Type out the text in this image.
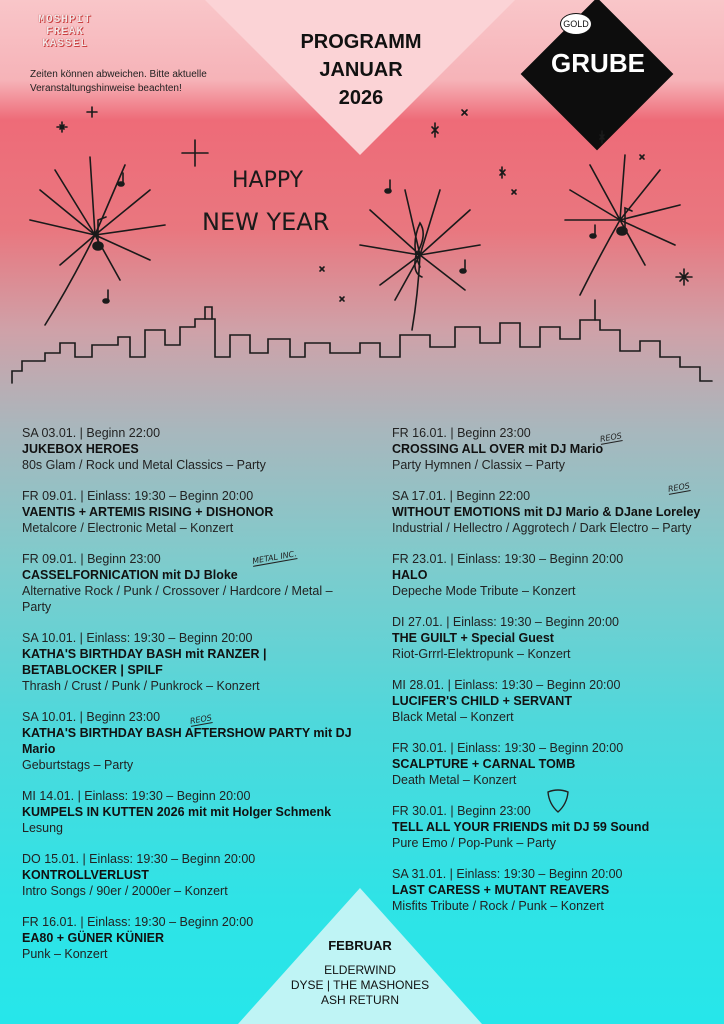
MOSHPIT FREAK KASSEL
Zeiten können abweichen. Bitte aktuelle Veranstaltungshinweise beachten!
PROGRAMM
JANUAR
2026
GRUBE
GOLD
HAPPY
NEW YEAR
SA 03.01. | Beginn 22:00
JUKEBOX HEROES
80s Glam / Rock und Metal Classics – Party
FR 09.01. | Einlass: 19:30 – Beginn 20:00
VAENTIS + ARTEMIS RISING + DISHONOR
Metalcore / Electronic Metal – Konzert
FR 09.01. | Beginn 23:00
CASSELFORNICATION mit DJ Bloke
Alternative Rock / Punk / Crossover / Hardcore / Metal – Party
SA 10.01. | Einlass: 19:30 – Beginn 20:00
KATHA'S BIRTHDAY BASH mit RANZER | BETABLOCKER | SPILF
Thrash / Crust / Punk / Punkrock – Konzert
SA 10.01. | Beginn 23:00
KATHA'S BIRTHDAY BASH AFTERSHOW PARTY mit DJ Mario
Geburtstags – Party
MI 14.01. | Einlass: 19:30 – Beginn 20:00
KUMPELS IN KUTTEN 2026 mit mit Holger Schmenk
Lesung
DO 15.01. | Einlass: 19:30 – Beginn 20:00
KONTROLLVERLUST
Intro Songs / 90er / 2000er – Konzert
FR 16.01. | Einlass: 19:30 – Beginn 20:00
EA80 + GÜNER KÜNIER
Punk – Konzert
FR 16.01. | Beginn 23:00
CROSSING ALL OVER mit DJ Mario
Party Hymnen / Classix – Party
SA 17.01. | Beginn 22:00
WITHOUT EMOTIONS mit DJ Mario & DJane Loreley
Industrial / Hellectro / Aggrotech / Dark Electro – Party
FR 23.01. | Einlass: 19:30 – Beginn 20:00
HALO
Depeche Mode Tribute – Konzert
DI 27.01. | Einlass: 19:30 – Beginn 20:00
THE GUILT + Special Guest
Riot-Grrrl-Elektropunk – Konzert
MI 28.01. | Einlass: 19:30 – Beginn 20:00
LUCIFER'S CHILD + SERVANT
Black Metal – Konzert
FR 30.01. | Einlass: 19:30 – Beginn 20:00
SCALPTURE + CARNAL TOMB
Death Metal – Konzert
FR 30.01. | Beginn 23:00
TELL ALL YOUR FRIENDS mit DJ 59 Sound
Pure Emo / Pop-Punk – Party
SA 31.01. | Einlass: 19:30 – Beginn 20:00
LAST CARESS + MUTANT REAVERS
Misfits Tribute / Rock / Punk – Konzert
METAL INC.
REOS
REOS
REOS
FEBRUAR
ELDERWIND
DYSE | THE MASHONES
ASH RETURN
